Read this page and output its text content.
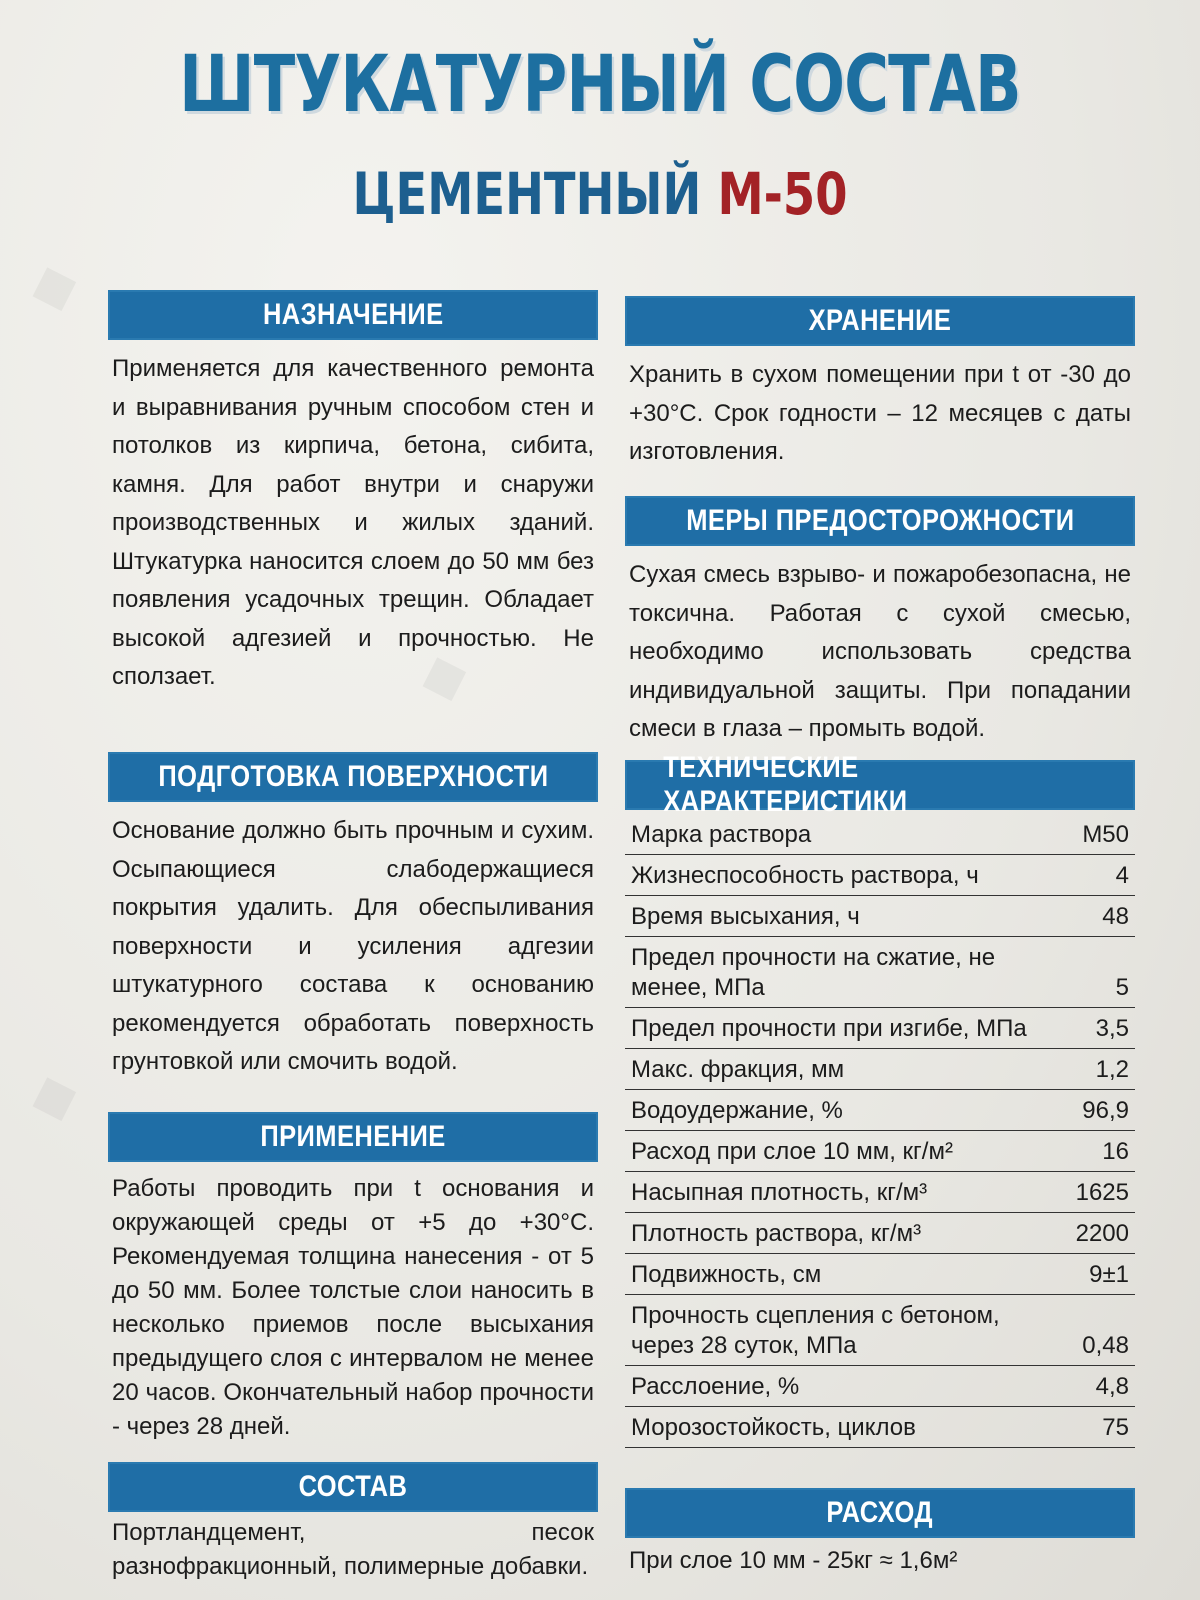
◆
◆
◆
ШТУКАТУРНЫЙ СОСТАВ
ЦЕМЕНТНЫЙ М-50
НАЗНАЧЕНИЕ
Применяется для качественного ремонта и выравнивания ручным способом стен и потолков из кирпича, бетона, сибита, камня. Для работ внутри и снаружи производственных и жилых зданий. Штукатурка наносится слоем до 50 мм без появления усадочных трещин. Обладает высокой адгезией и прочностью. Не сползает.
ПОДГОТОВКА ПОВЕРХНОСТИ
Основание должно быть прочным и сухим. Осыпающиеся слабодержащиеся покрытия удалить. Для обеспыливания поверхности и усиления адгезии штукатурного состава к основанию рекомендуется обработать поверхность грунтовкой или смочить водой.
ПРИМЕНЕНИЕ
Работы проводить при t основания и окружающей среды от +5 до +30°С. Рекомендуемая толщина нанесения - от 5 до 50 мм. Более толстые слои наносить в несколько приемов после высыхания предыдущего слоя с интервалом не менее 20 часов. Окончательный набор прочности - через 28 дней.
СОСТАВ
Портландцемент, песок разнофракционный, полимерные добавки.
ХРАНЕНИЕ
Хранить в сухом помещении при t от -30 до +30°С. Срок годности – 12 месяцев с даты изготовления.
МЕРЫ ПРЕДОСТОРОЖНОСТИ
Сухая смесь взрыво- и пожаробезопасна, не токсична. Работая с сухой смесью, необходимо использовать средства индивидуальной защиты. При попадании смеси в глаза – промыть водой.
ТЕХНИЧЕСКИЕ ХАРАКТЕРИСТИКИ
Марка раствора	М50
Жизнеспособность раствора, ч	4
Время высыхания, ч	48
Предел прочности на сжатие, не менее, МПа	5
Предел прочности при изгибе, МПа	3,5
Макс. фракция, мм	1,2
Водоудержание, %	96,9
Расход при слое 10 мм, кг/м²	16
Насыпная плотность, кг/м³	1625
Плотность раствора, кг/м³	2200
Подвижность, см	9±1
Прочность сцепления с бетоном, через 28 суток, МПа	0,48
Расслоение, %	4,8
Морозостойкость, циклов	75
РАСХОД
При слое 10 мм - 25кг ≈ 1,6м²
